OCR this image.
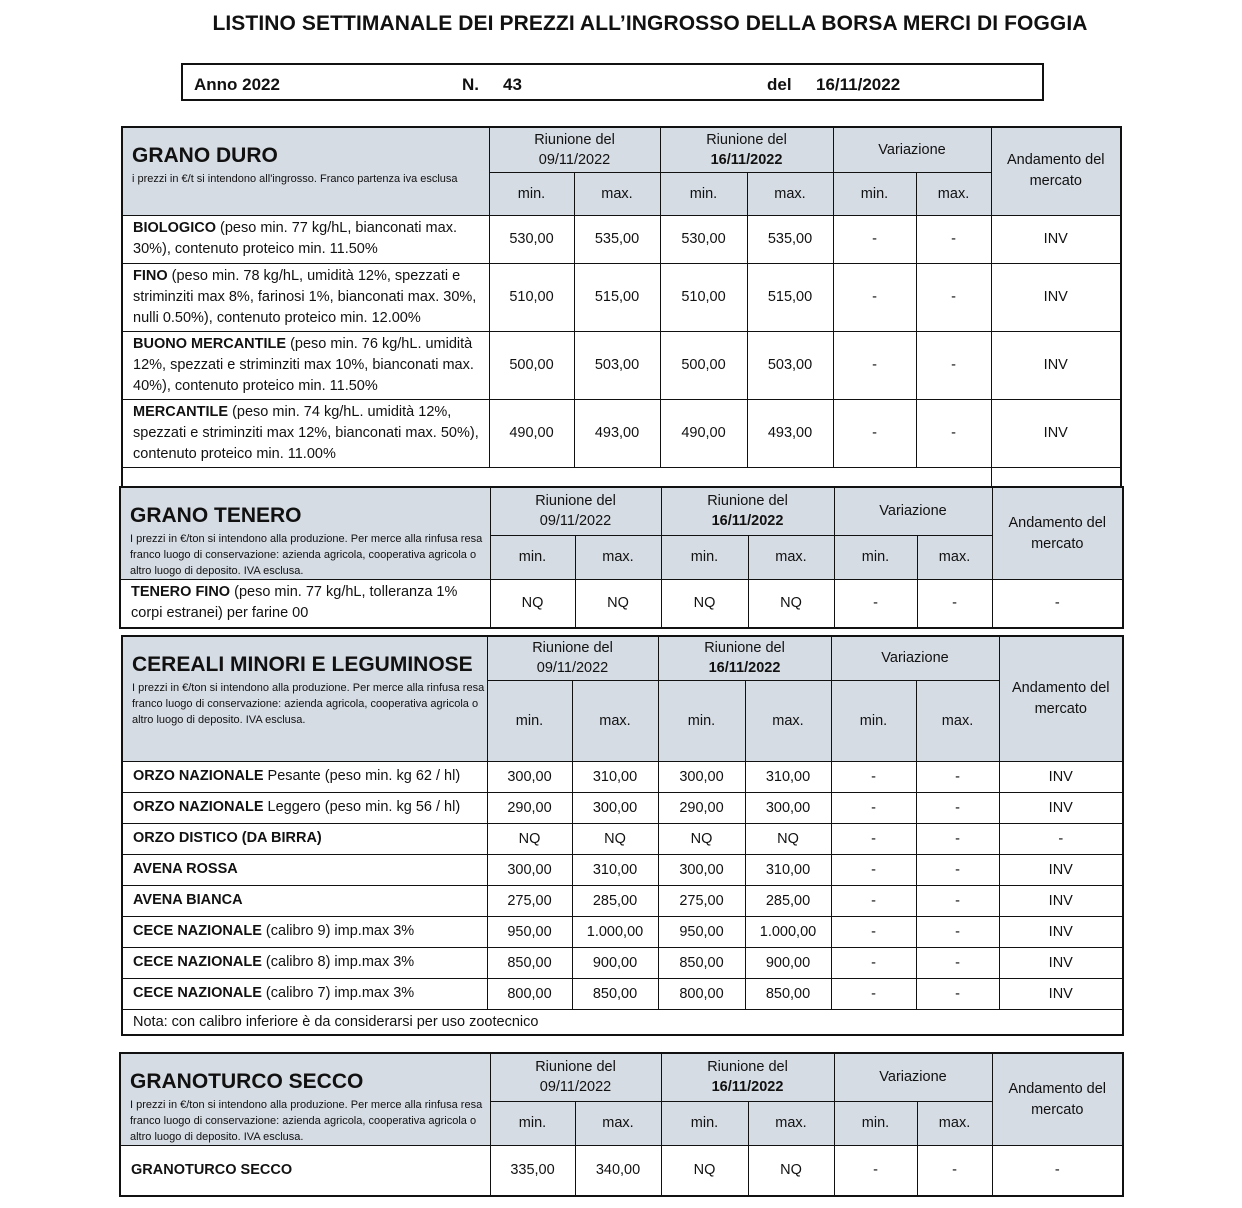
LISTINO SETTIMANALE DEI PREZZI ALL’INGROSSO DELLA BORSA MERCI DI FOGGIA
Anno 2022	N. 43	del 16/11/2022
GRANO DURO
i prezzi in €/t si intendono all'ingrosso. Franco partenza iva esclusa	Riunione del
09/11/2022		Riunione del
16/11/2022		Variazione		Andamento del mercato
	min.	max.	min.	max.	min.	max.	
BIOLOGICO (peso min. 77 kg/hL, bianconati max. 30%), contenuto proteico min. 11.50%	530,00	535,00	530,00	535,00	-	-	INV
FINO (peso min. 78 kg/hL, umidità 12%, spezzati e striminziti max 8%, farinosi 1%, bianconati max. 30%, nulli 0.50%), contenuto proteico min. 12.00%	510,00	515,00	510,00	515,00	-	-	INV
BUONO MERCANTILE (peso min. 76 kg/hL. umidità 12%, spezzati e striminziti max 10%, bianconati max. 40%), contenuto proteico min. 11.50%	500,00	503,00	500,00	503,00	-	-	INV
MERCANTILE (peso min. 74 kg/hL. umidità 12%, spezzati e striminziti max 12%, bianconati max. 50%), contenuto proteico min. 11.00%	490,00	493,00	490,00	493,00	-	-	INV

GRANO TENERO
I prezzi in €/ton si intendono alla produzione. Per merce alla rinfusa resa franco luogo di conservazione: azienda agricola, cooperativa agricola o altro luogo di deposito. IVA esclusa.	Riunione del
09/11/2022		Riunione del
16/11/2022		Variazione		Andamento del mercato
	min.	max.	min.	max.	min.	max.	
TENERO FINO (peso min. 77 kg/hL, tolleranza 1% corpi estranei) per farine 00	NQ	NQ	NQ	NQ	-	-	-
CEREALI MINORI E LEGUMINOSE
I prezzi in €/ton si intendono alla produzione. Per merce alla rinfusa resa franco luogo di conservazione: azienda agricola, cooperativa agricola o altro luogo di deposito. IVA esclusa.	Riunione del
09/11/2022		Riunione del
16/11/2022		Variazione		Andamento del mercato
	min.	max.	min.	max.	min.	max.	
ORZO NAZIONALE Pesante (peso min. kg 62 / hl)	300,00	310,00	300,00	310,00	-	-	INV
ORZO NAZIONALE Leggero (peso min. kg 56 / hl)	290,00	300,00	290,00	300,00	-	-	INV
ORZO DISTICO (DA BIRRA)	NQ	NQ	NQ	NQ	-	-	-
AVENA ROSSA	300,00	310,00	300,00	310,00	-	-	INV
AVENA BIANCA	275,00	285,00	275,00	285,00	-	-	INV
CECE NAZIONALE (calibro 9) imp.max 3%	950,00	1.000,00	950,00	1.000,00	-	-	INV
CECE NAZIONALE (calibro 8) imp.max 3%	850,00	900,00	850,00	900,00	-	-	INV
CECE NAZIONALE (calibro 7) imp.max 3%	800,00	850,00	800,00	850,00	-	-	INV
Nota: con calibro inferiore è da considerarsi per uso zootecnico							
GRANOTURCO SECCO
I prezzi in €/ton si intendono alla produzione. Per merce alla rinfusa resa franco luogo di conservazione: azienda agricola, cooperativa agricola o altro luogo di deposito. IVA esclusa.	Riunione del
09/11/2022		Riunione del
16/11/2022		Variazione		Andamento del mercato
	min.	max.	min.	max.	min.	max.	
GRANOTURCO SECCO	335,00	340,00	NQ	NQ	-	-	-
